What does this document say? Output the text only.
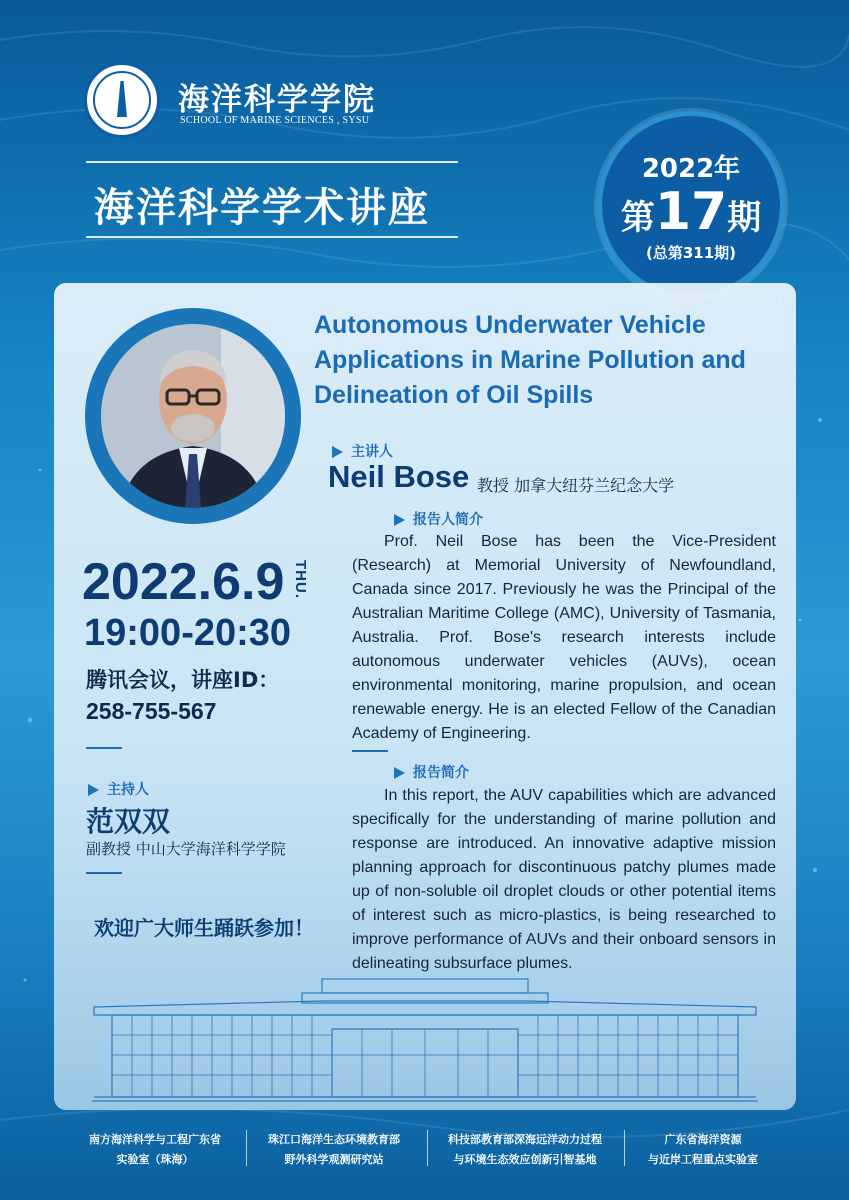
海洋科学学院
SCHOOL OF MARINE SCIENCES , SYSU
海洋科学学术讲座
2022年
第17期
(总第311期)
Autonomous Underwater Vehicle Applications in Marine Pollution and Delineation of Oil Spills
主讲人
Neil Bose 教授 加拿大纽芬兰纪念大学
报告人简介
Prof. Neil Bose has been the Vice-President (Research) at Memorial University of Newfoundland, Canada since 2017. Previously he was the Principal of the Australian Maritime College (AMC), University of Tasmania, Australia. Prof. Bose's research interests include autonomous underwater vehicles (AUVs), ocean environmental monitoring, marine propulsion, and ocean renewable energy. He is an elected Fellow of the Canadian Academy of Engineering.
报告简介
In this report, the AUV capabilities which are advanced specifically for the understanding of marine pollution and response are introduced. An innovative adaptive mission planning approach for discontinuous patchy plumes made up of non-soluble oil droplet clouds or other potential items of interest such as micro-plastics, is being researched to improve performance of AUVs and their onboard sensors in delineating subsurface plumes.
2022.6.9 THU.
19:00-20:30
腾讯会议，讲座ID：
258-755-567
主持人
范双双
副教授 中山大学海洋科学学院
欢迎广大师生踊跃参加！
南方海洋科学与工程广东省
实验室（珠海）
珠江口海洋生态环境教育部
野外科学观测研究站
科技部教育部深海远洋动力过程
与环境生态效应创新引智基地
广东省海洋资源
与近岸工程重点实验室
